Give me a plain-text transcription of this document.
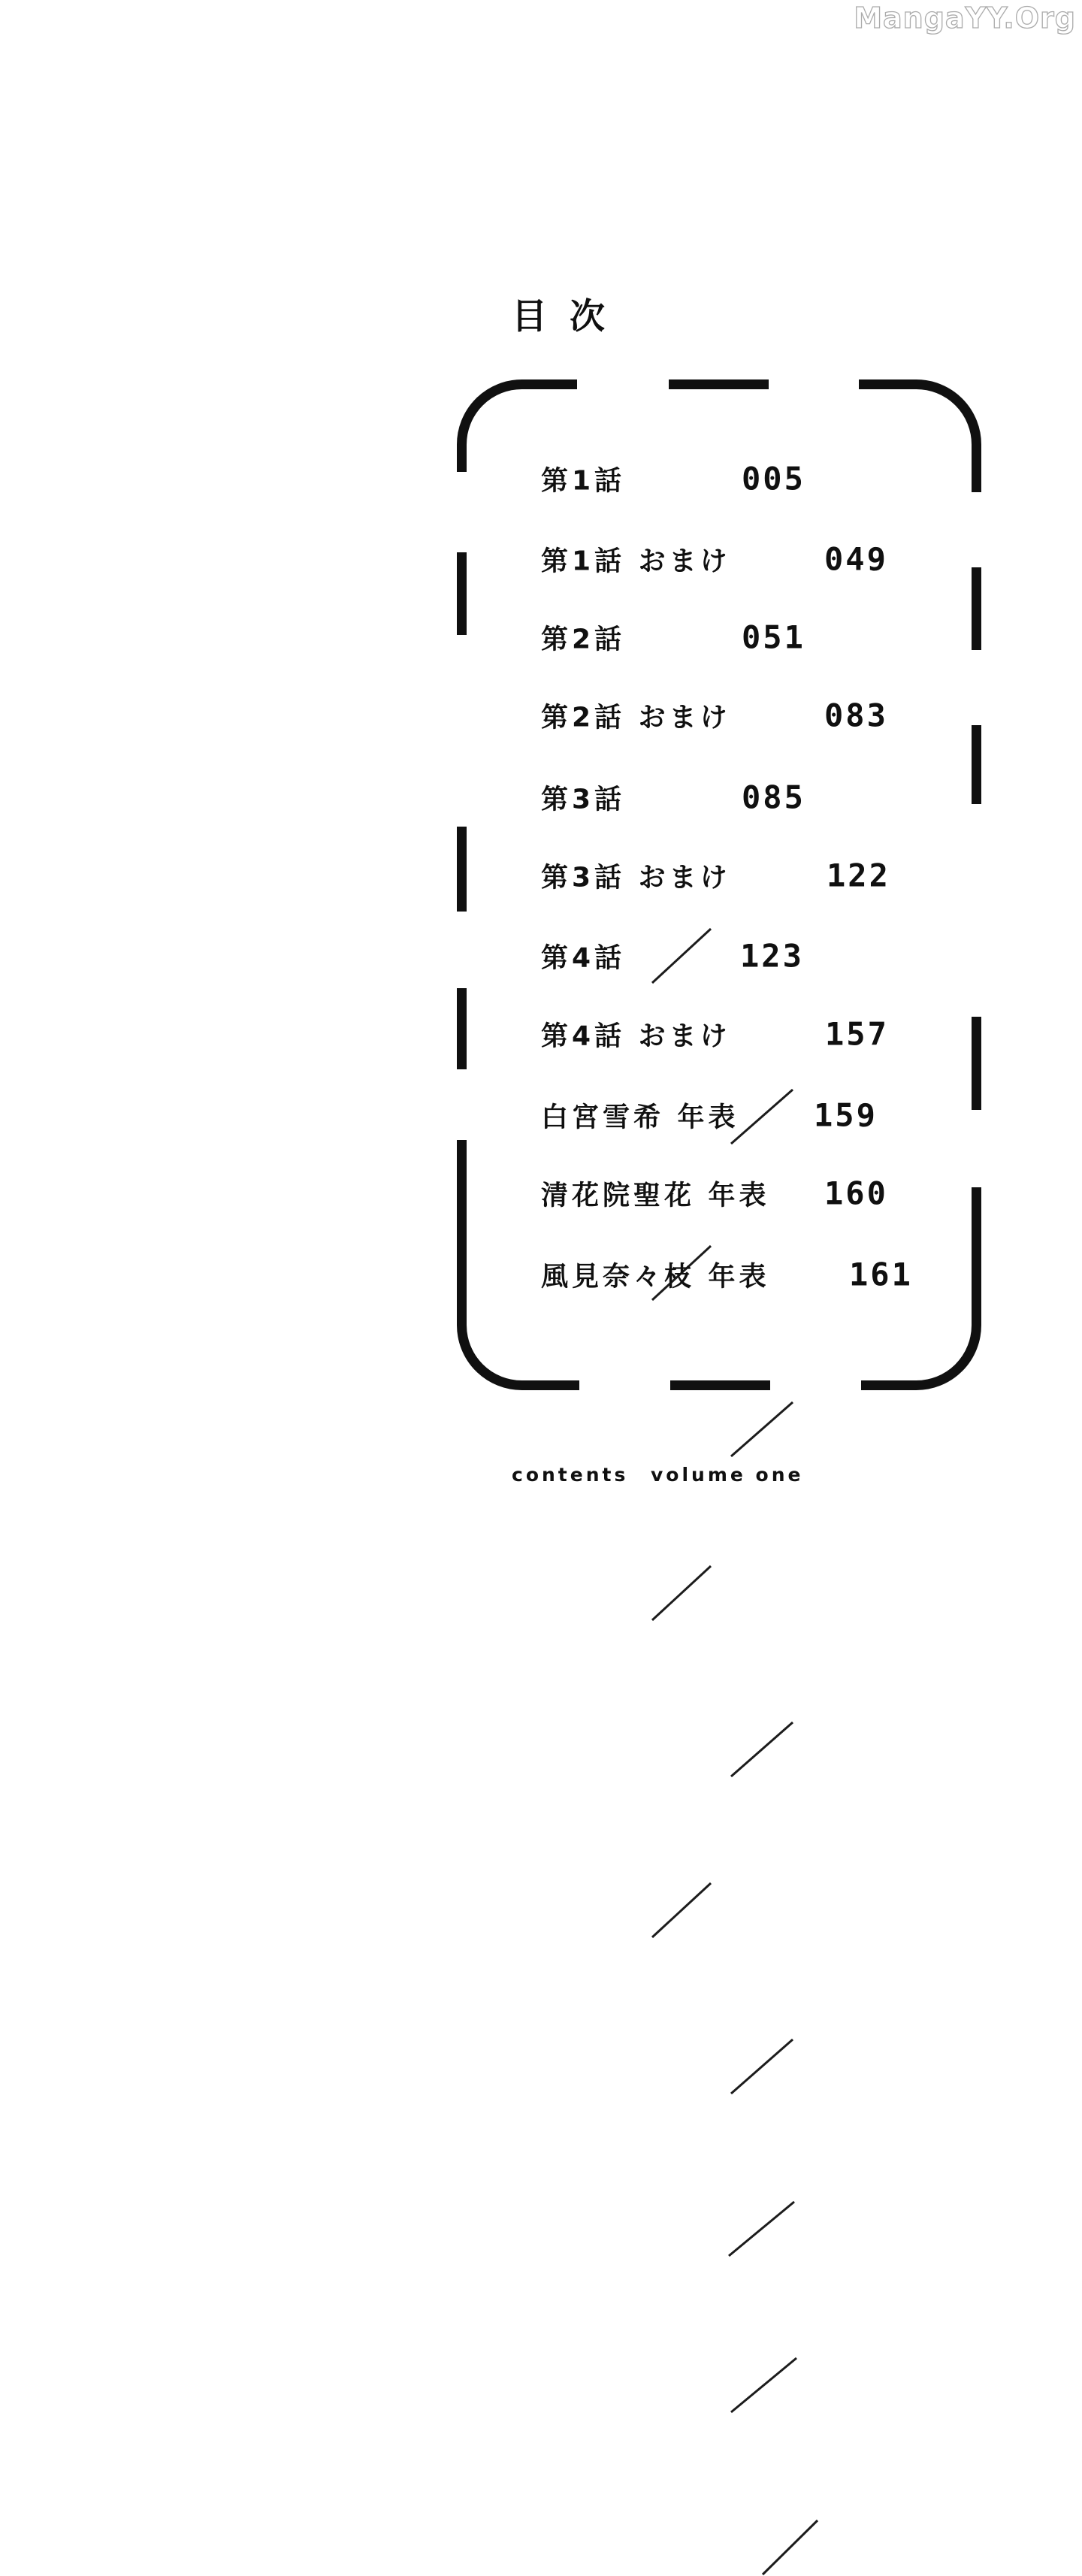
MangaYY.Org
目次
第1話	005
第1話 おまけ	049
第2話	051
第2話 おまけ	083
第3話	085
第3話 おまけ	122
第4話	123
第4話 おまけ	157
白宮雪希 年表 159
清花院聖花 年表 160
風見奈々枝 年表	161
contents volume one
